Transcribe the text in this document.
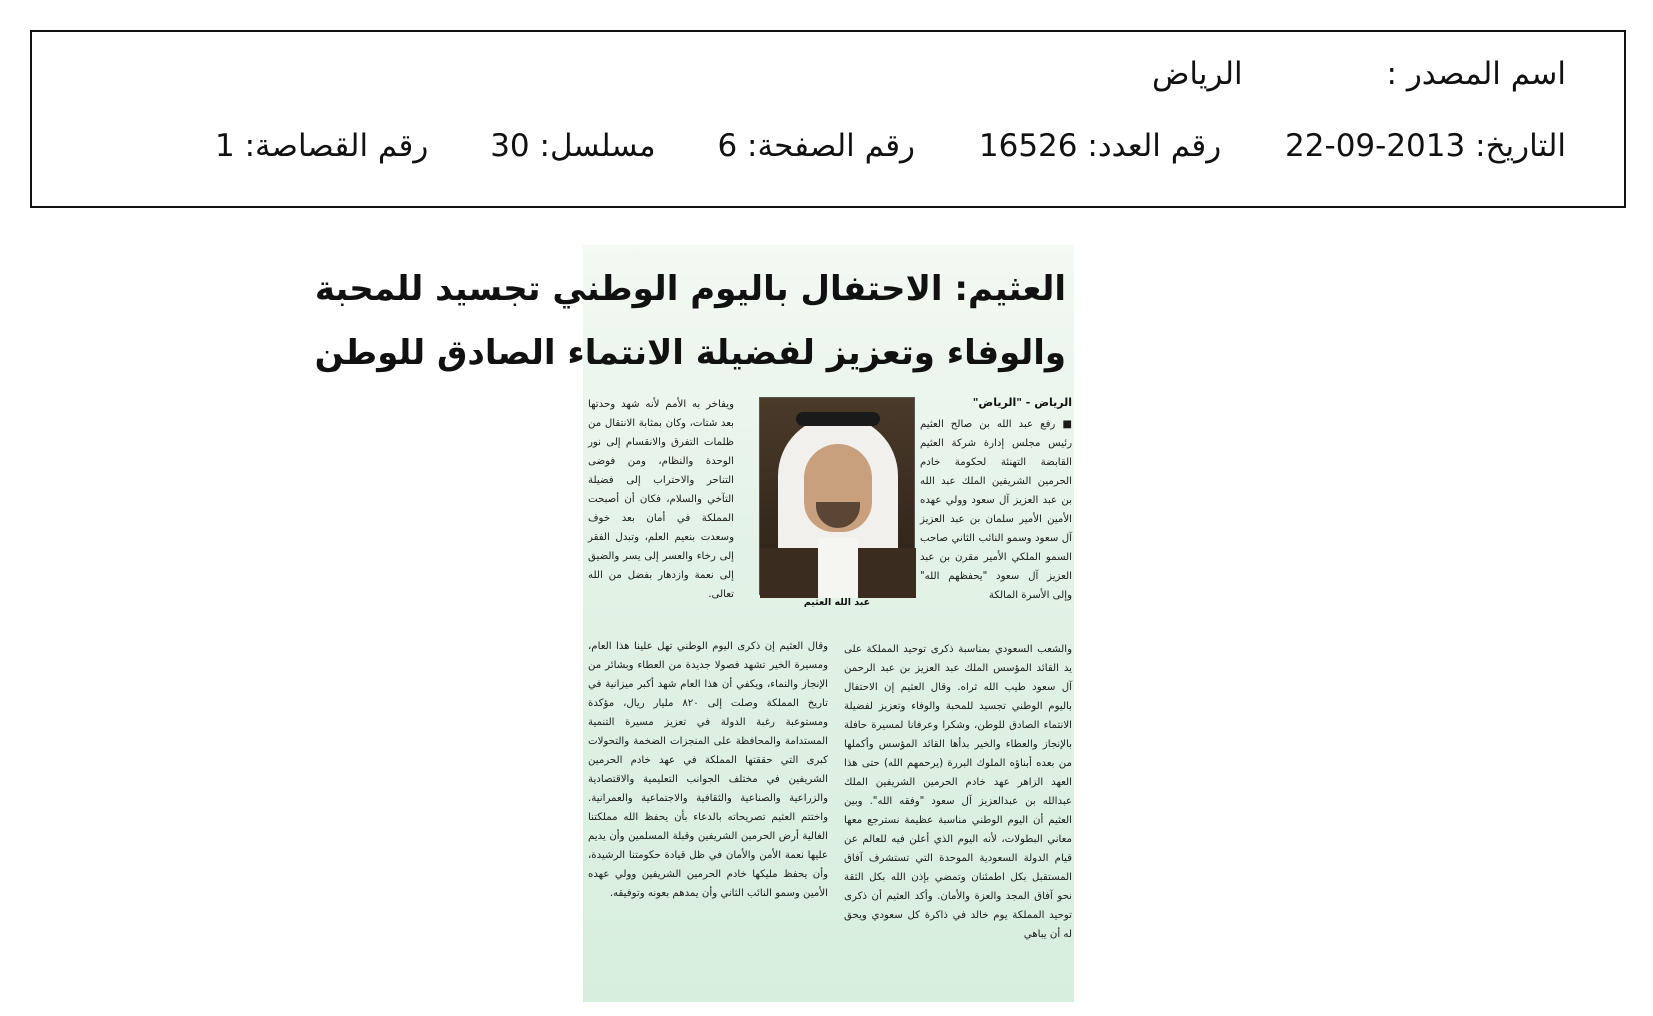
اسم المصدر : الرياض
التاريخ: 2013-09-22 رقم العدد: 16526 رقم الصفحة: 6 مسلسل: 30 رقم القصاصة: 1
العثيم: الاحتفال باليوم الوطني تجسيد للمحبة
والوفاء وتعزيز لفضيلة الانتماء الصادق للوطن
الرياض - "الرياض"
■ رفع عبد الله بن صالح العثيم رئيس مجلس إدارة شركة العثيم القابضة التهنئة لحكومة خادم الحرمين الشريفين الملك عبد الله بن عبد العزيز آل سعود وولي عهده الأمين الأمير سلمان بن عبد العزيز آل سعود وسمو النائب الثاني صاحب السمو الملكي الأمير مقرن بن عبد العزيز آل سعود "يحفظهم الله" وإلى الأسرة المالكة
ويفاخر به الأمم لأنه شهد وحدتها بعد شتات، وكان بمثابة الانتقال من ظلمات التفرق والانقسام إلى نور الوحدة والنظام، ومن فوضى التناحر والاحتراب إلى فضيلة التآخي والسلام، فكان أن أصبحت المملكة في أمان بعد خوف وسعدت بنعيم العلم، وتبدل الفقر إلى رخاء والعسر إلى يسر والضيق إلى نعمة وازدهار بفضل من الله تعالى.
عبد الله العثيم
والشعب السعودي بمناسبة ذكرى توحيد المملكة على يد القائد المؤسس الملك عبد العزيز بن عبد الرحمن آل سعود طيب الله ثراه. وقال العثيم إن الاحتفال باليوم الوطني تجسيد للمحبة والوفاء وتعزيز لفضيلة الانتماء الصادق للوطن، وشكرا وعرفانا لمسيرة حافلة بالإنجاز والعطاء والخير بدأها القائد المؤسس وأكملها من بعده أبناؤه الملوك البررة (يرحمهم الله) حتى هذا العهد الزاهر عهد خادم الحرمين الشريفين الملك عبدالله بن عبدالعزيز آل سعود "وفقه الله". وبين العثيم أن اليوم الوطني مناسبة عظيمة نسترجع معها معاني البطولات، لأنه اليوم الذي أعلن فيه للعالم عن قيام الدولة السعودية الموحدة التي تستشرف آفاق المستقبل بكل اطمئنان وتمضي بإذن الله بكل الثقة نحو آفاق المجد والعزة والأمان. وأكد العثيم أن ذكرى توحيد المملكة يوم خالد في ذاكرة كل سعودي ويحق له أن يباهي
وقال العثيم إن ذكرى اليوم الوطني تهل علينا هذا العام، ومسيرة الخير تشهد فصولا جديدة من العطاء وبشائر من الإنجاز والنماء، ويكفي أن هذا العام شهد أكبر ميزانية في تاريخ المملكة وصلت إلى ٨٢٠ مليار ريال، مؤكدة ومستوعبة رغبة الدولة في تعزيز مسيرة التنمية المستدامة والمحافظة على المنجزات الضخمة والتحولات كبرى التي حققتها المملكة في عهد خادم الحرمين الشريفين في مختلف الجوانب التعليمية والاقتصادية والزراعية والصناعية والثقافية والاجتماعية والعمرانية. واختتم العثيم تصريحاته بالدعاء بأن يحفظ الله مملكتنا الغالية أرض الحرمين الشريفين وقبلة المسلمين وأن يديم عليها نعمة الأمن والأمان في ظل قيادة حكومتنا الرشيدة، وأن يحفظ مليكها خادم الحرمين الشريفين وولي عهده الأمين وسمو النائب الثاني وأن يمدهم بعونه وتوفيقه.
